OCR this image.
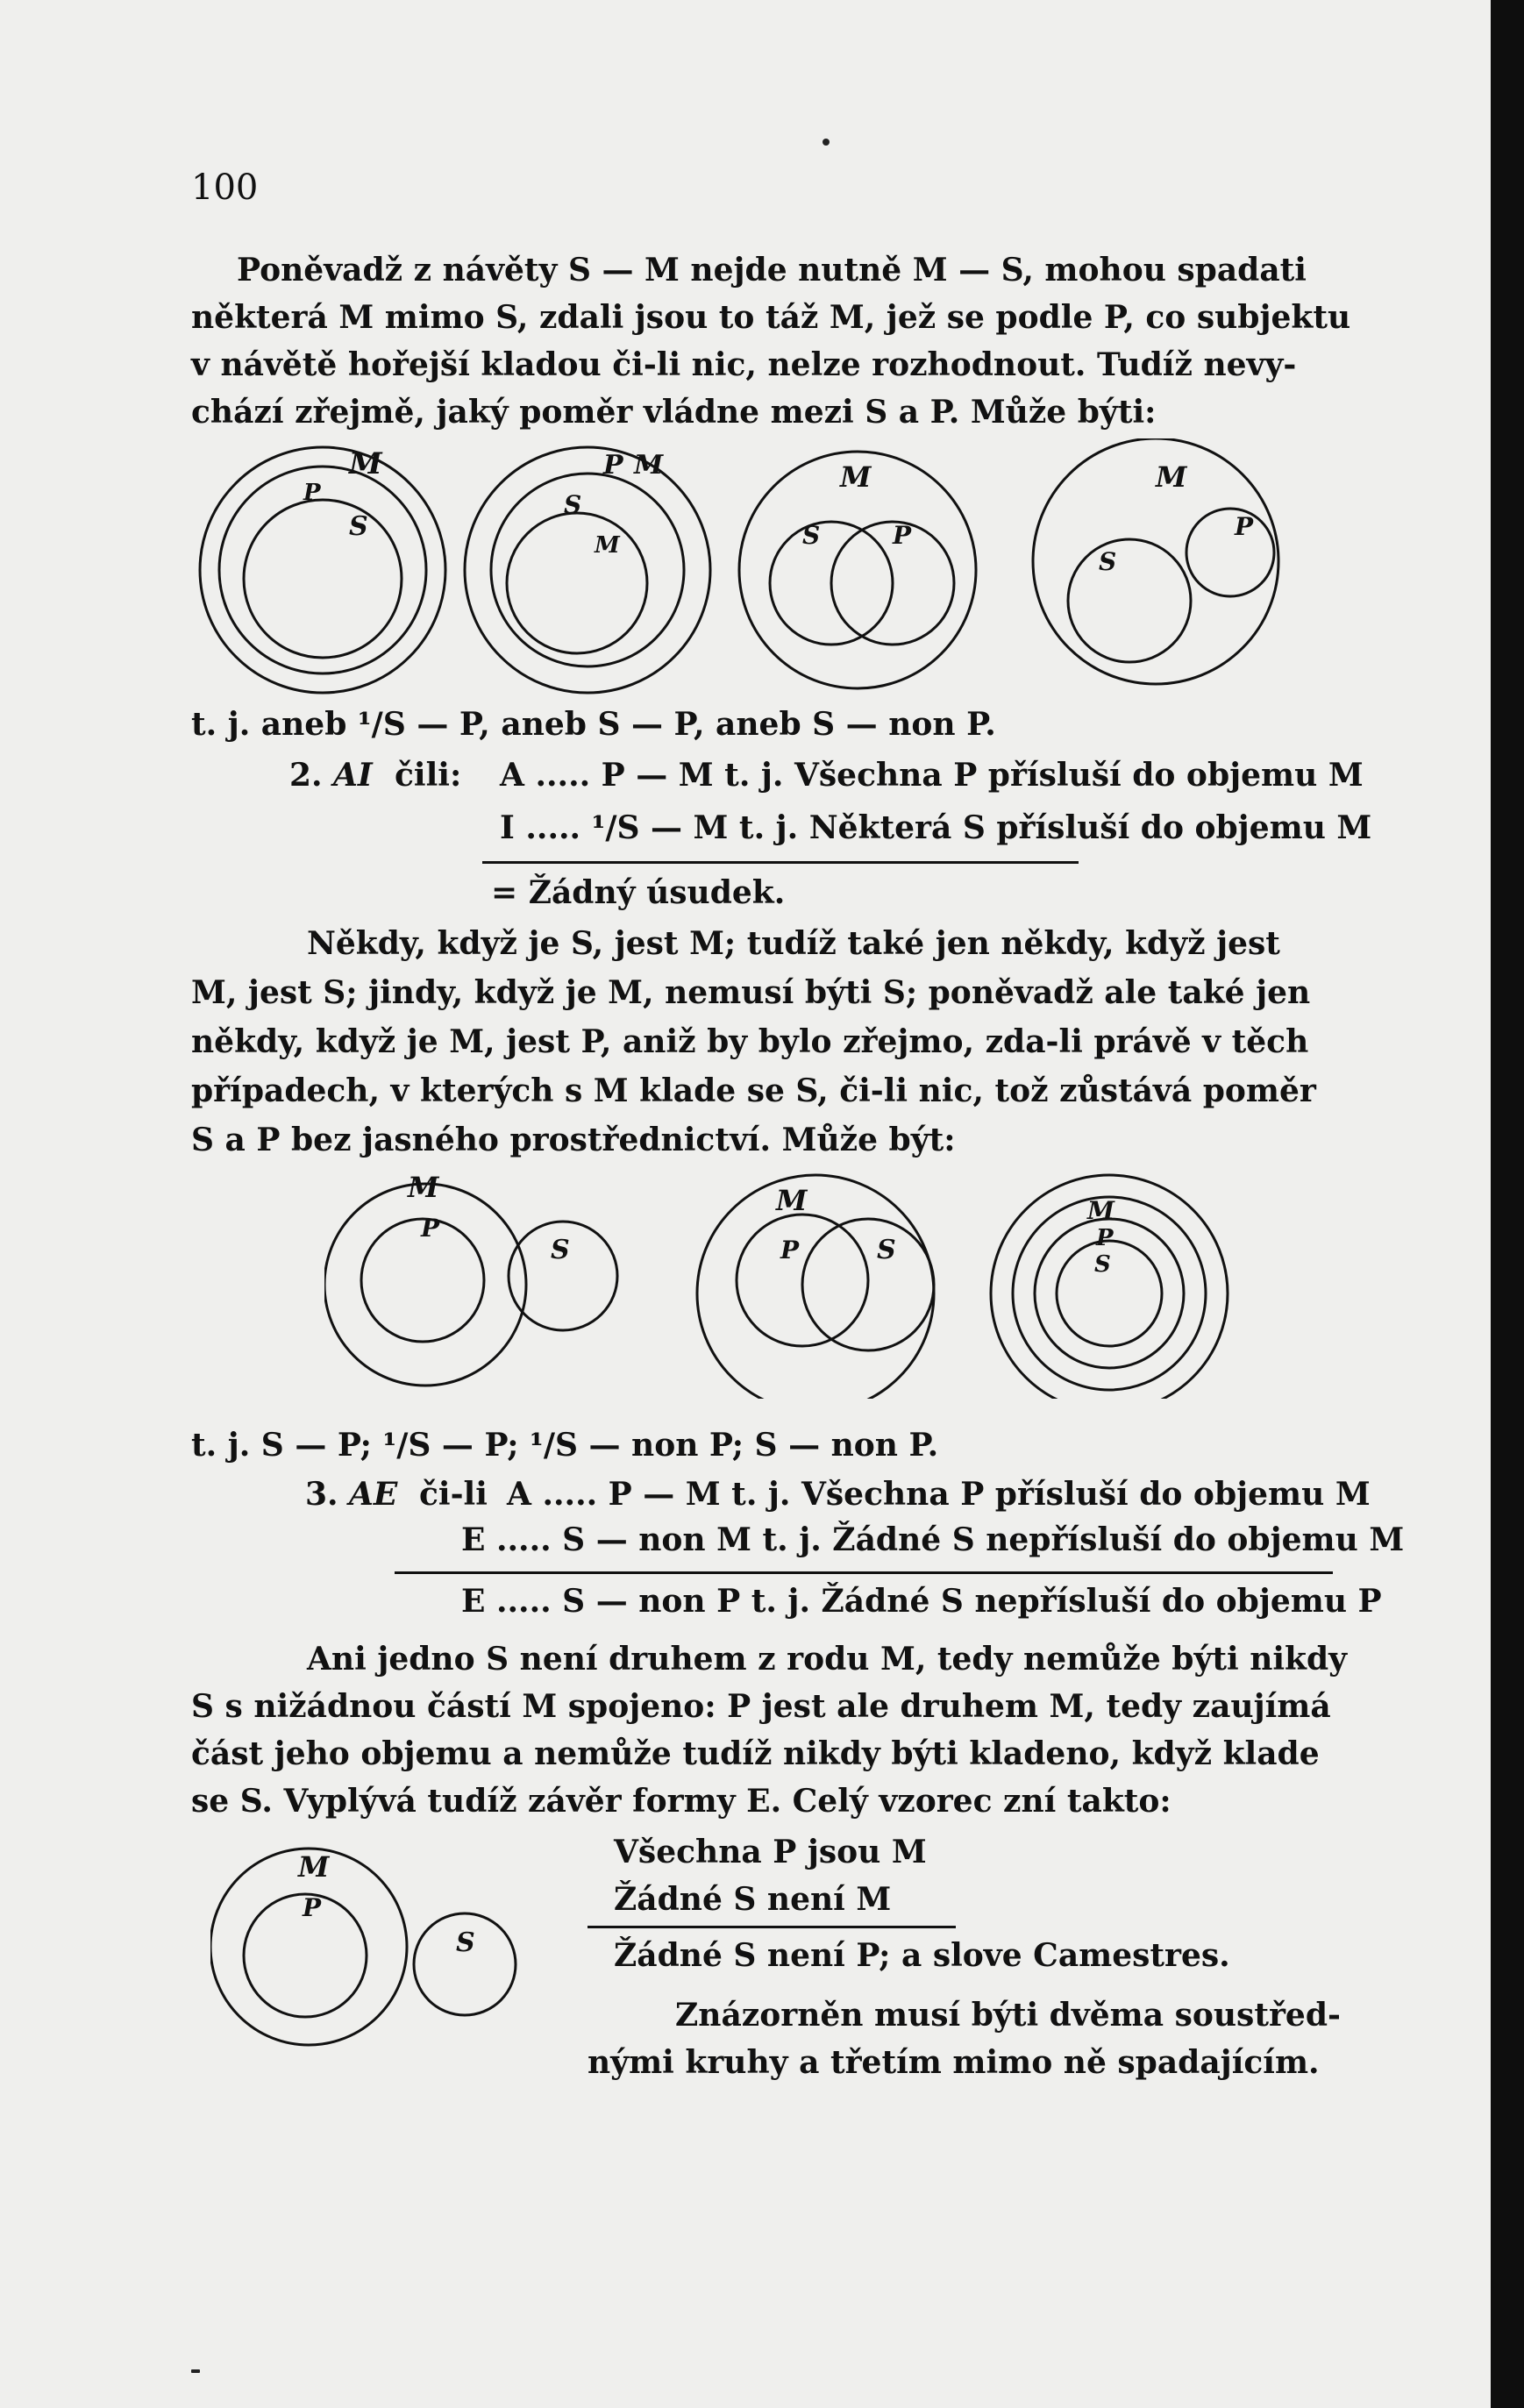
100
Poněvadž z návěty S — M nejde nutně M — S, mohou spadati
některá M mimo S, zdali jsou to táž M, jež se podle P, co subjektu
v návětě hořejší kladou či-li nic, nelze rozhodnout. Tudíž nevy-
chází zřejmě, jaký poměr vládne mezi S a P. Může býti:
M
P
S
P M
S
M
M
S	P
M
S
P
t. j. aneb ¹/S — P, aneb S — P, aneb S — non P.
2. AI čili: A ..... P — M t. j. Všechna P přísluší do objemu M
I ..... ¹/S — M t. j. Některá S přísluší do objemu M
= Žádný úsudek.
Někdy, když je S, jest M; tudíž také jen někdy, když jest
M, jest S; jindy, když je M, nemusí býti S; poněvadž ale také jen
někdy, když je M, jest P, aniž by bylo zřejmo, zda-li právě v těch
případech, v kterých s M klade se S, či-li nic, tož zůstává poměr
S a P bez jasného prostřednictví. Může být:
M
P
S
M
P	S
M
P
S
t. j. S — P; ¹/S — P; ¹/S — non P; S — non P.
3. AE či-li A ..... P — M t. j. Všechna P přísluší do objemu M
E ..... S — non M t. j. Žádné S nepřísluší do objemu M
E ..... S — non P t. j. Žádné S nepřísluší do objemu P
Ani jedno S není druhem z rodu M, tedy nemůže býti nikdy
S s nižádnou částí M spojeno: P jest ale druhem M, tedy zaujímá
část jeho objemu a nemůže tudíž nikdy býti kladeno, když klade
se S. Vyplývá tudíž závěr formy E. Celý vzorec zní takto:
M
P
S
Všechna P jsou M
Žádné S není M
Žádné S není P; a slove Camestres.
Znázorněn musí býti dvěma soustřed-
nými kruhy a třetím mimo ně spadajícím.
